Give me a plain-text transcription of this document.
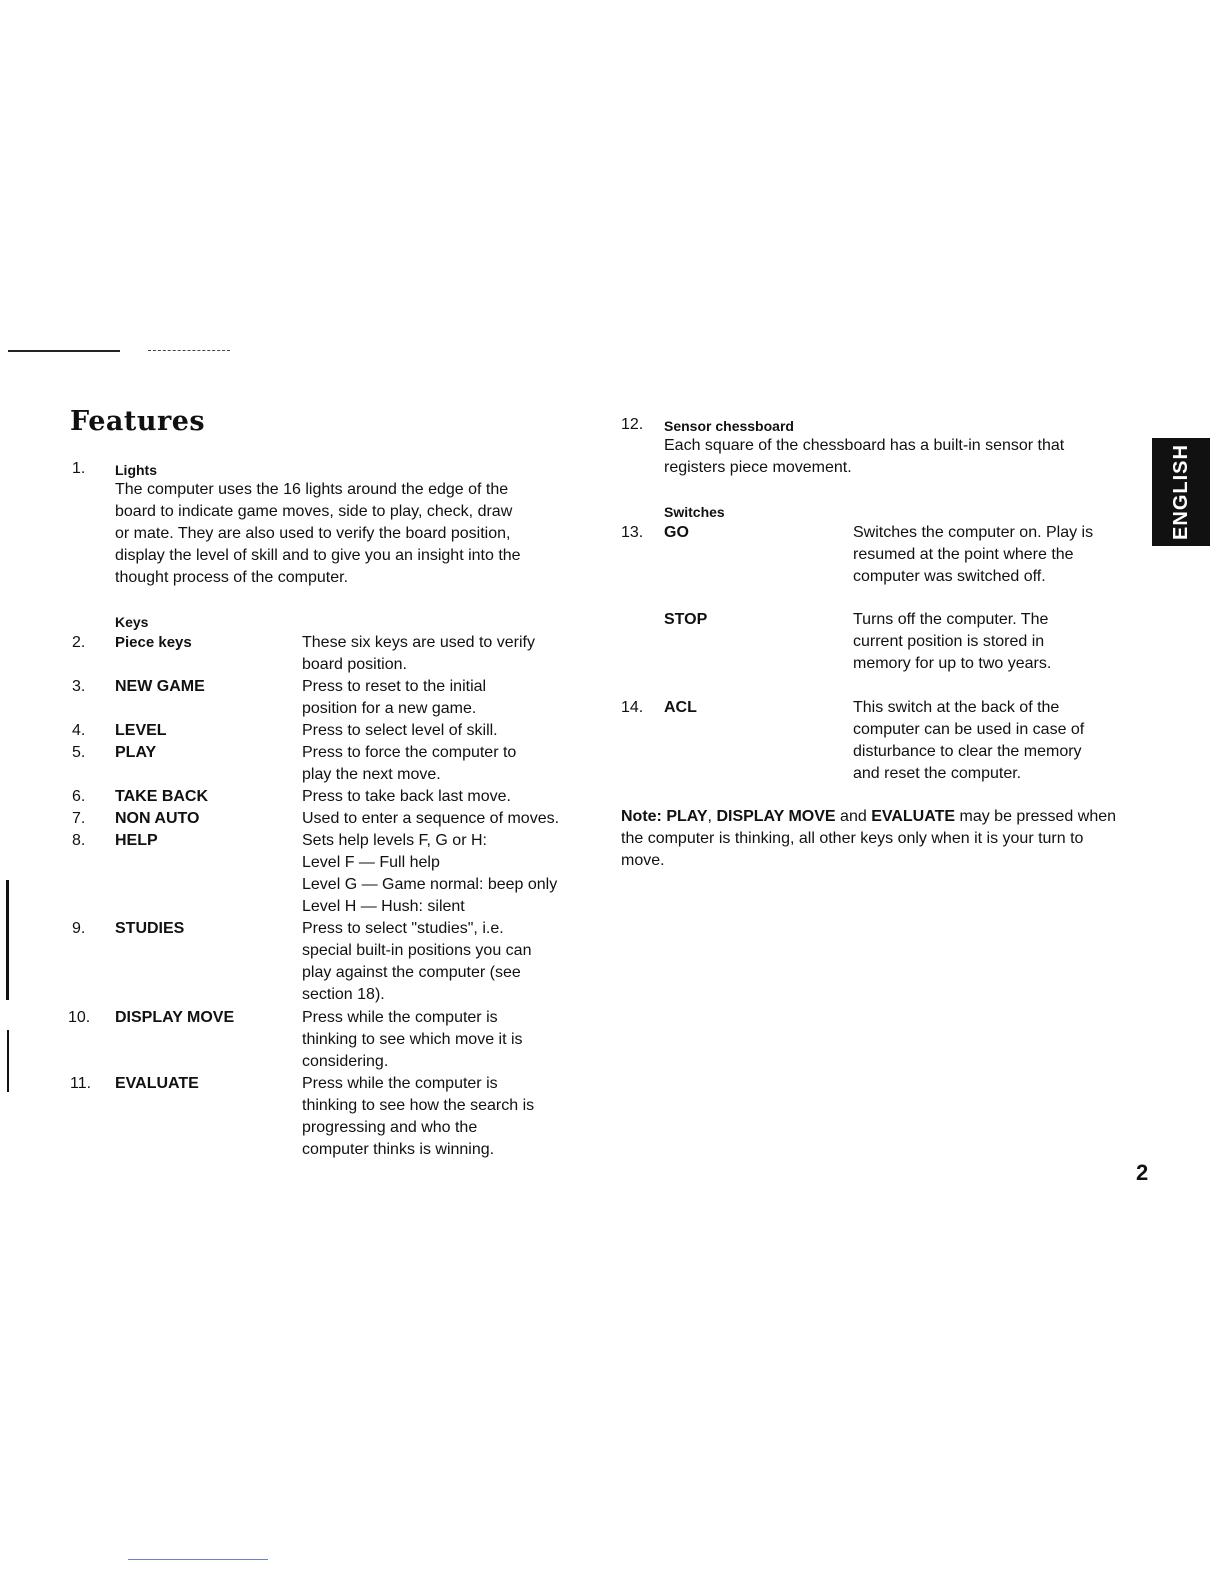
Features
1.	Lights
The computer uses the 16 lights around the edge of the
board to indicate game moves, side to play, check, draw
or mate. They are also used to verify the board position,
display the level of skill and to give you an insight into the
thought process of the computer.
Keys
2.	Piece keys	These six keys are used to verify
board position.
3.	NEW GAME	Press to reset to the initial
position for a new game.
4.	LEVEL	Press to select level of skill.
5.	PLAY	Press to force the computer to
play the next move.
6.	TAKE BACK	Press to take back last move.
7.	NON AUTO	Used to enter a sequence of moves.
8.	HELP	Sets help levels F, G or H:
Level F — Full help
Level G — Game normal: beep only
Level H — Hush: silent
9.	STUDIES	Press to select "studies", i.e.
special built-in positions you can
play against the computer (see
section 18).
10.	DISPLAY MOVE	Press while the computer is
thinking to see which move it is
considering.
11.	EVALUATE	Press while the computer is
thinking to see how the search is
progressing and who the
computer thinks is winning.
12.	Sensor chessboard
Each square of the chessboard has a built-in sensor that
registers piece movement.
Switches
13.	GO	Switches the computer on. Play is
resumed at the point where the
computer was switched off.
STOP	Turns off the computer. The
current position is stored in
memory for up to two years.
14.	ACL	This switch at the back of the
computer can be used in case of
disturbance to clear the memory
and reset the computer.
Note: PLAY, DISPLAY MOVE and EVALUATE may be pressed when the computer is thinking, all other keys only when it is your turn to move.
ENGLISH
2
